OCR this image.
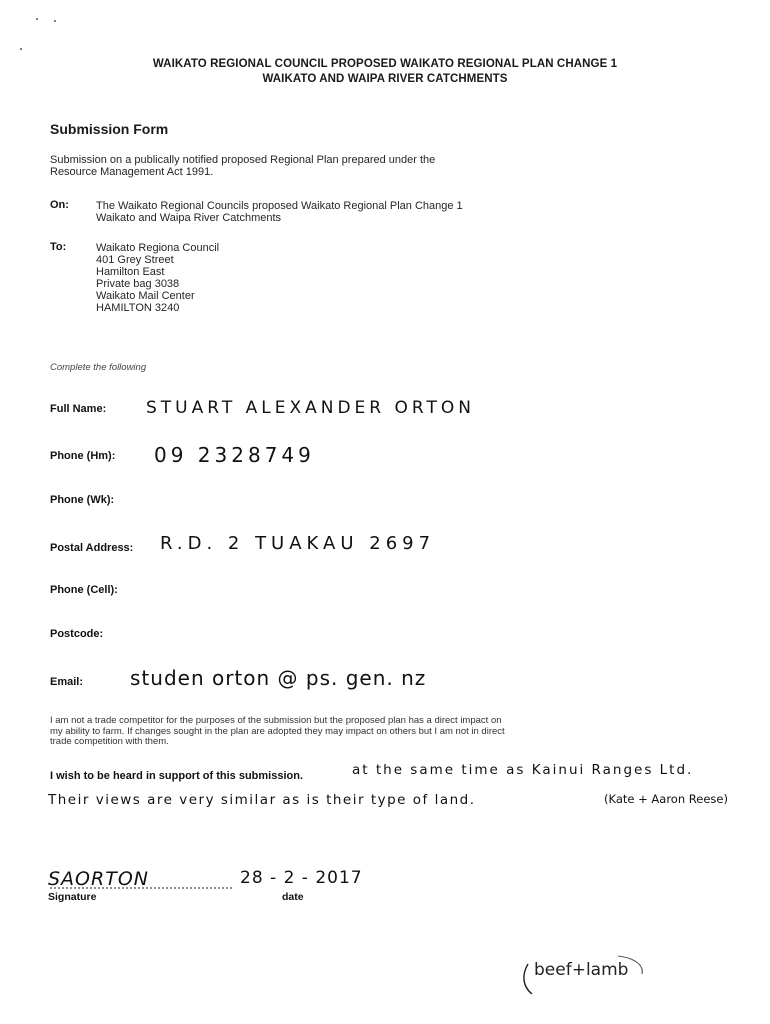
WAIKATO REGIONAL COUNCIL PROPOSED WAIKATO REGIONAL PLAN CHANGE 1
WAIKATO AND WAIPA RIVER CATCHMENTS
Submission Form
Submission on a publically notified proposed Regional Plan prepared under the
Resource Management Act 1991.
On: The Waikato Regional Councils proposed Waikato Regional Plan Change 1
Waikato and Waipa River Catchments
To:	Waikato Regiona Council
401 Grey Street
Hamilton East
Private bag 3038
Waikato Mail Center
HAMILTON 3240
Complete the following
Full Name: STUART ALEXANDER ORTON
Phone (Hm): 09 2328749
Phone (Wk):
Postal Address: R.D. 2 TUAKAU 2697
Phone (Cell):
Postcode:
Email: studen orton @ ps. gen. nz
I am not a trade competitor for the purposes of the submission but the proposed plan has a direct impact on
my ability to farm. If changes sought in the plan are adopted they may impact on others but I am not in direct
trade competition with them.
I wish to be heard in support of this submission.	at the same time as Kainui Ranges Ltd.
Their views are very similar as is their type of land.	(Kate + Aaron Reese)
SAORTON
Signature
28 - 2 - 2017
date
beef+lamb
